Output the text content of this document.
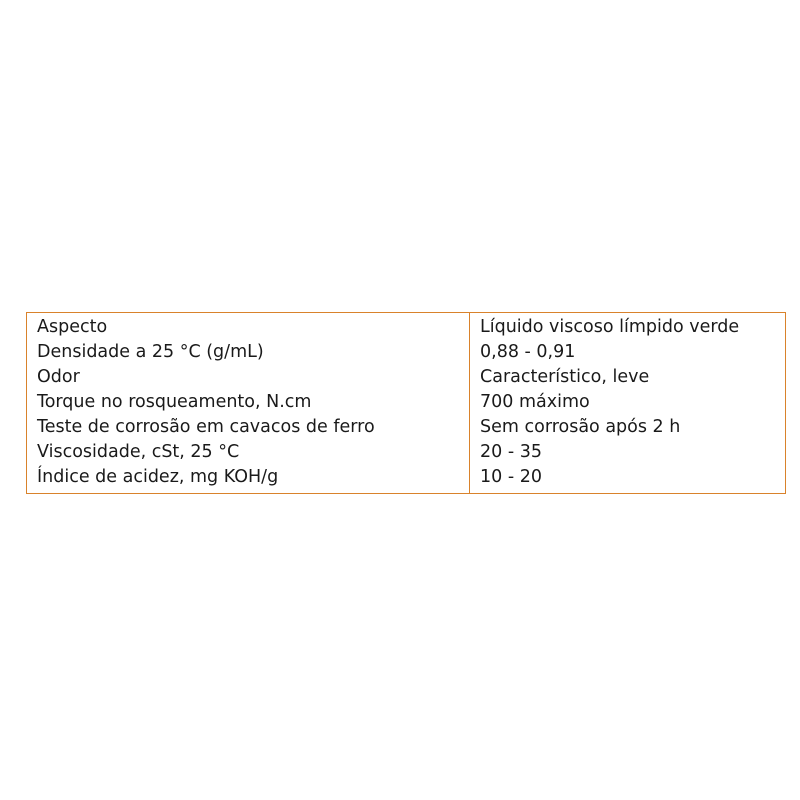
Aspecto	Líquido viscoso límpido verde
Densidade a 25 °C (g/mL)	0,88 - 0,91
Odor	Característico, leve
Torque no rosqueamento, N.cm	700 máximo
Teste de corrosão em cavacos de ferro	Sem corrosão após 2 h
Viscosidade, cSt, 25 °C	20 - 35
Índice de acidez, mg KOH/g	10 - 20
